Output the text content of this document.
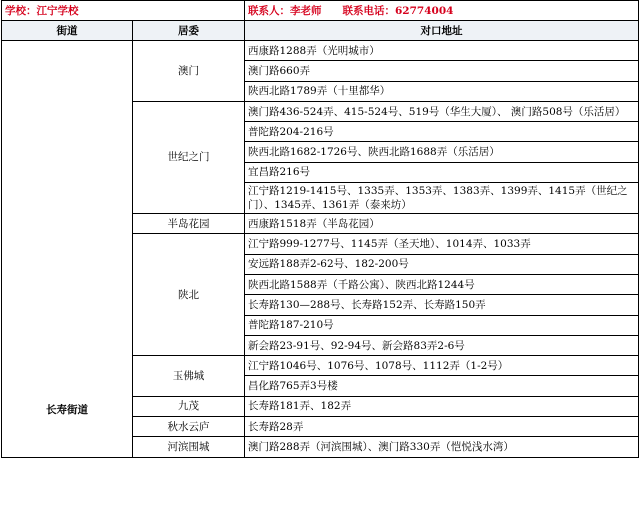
学校：江宁学校		联系人：李老师　　联系电话：62774004
街道	居委	对口地址
长寿街道	澳门	西康路1288弄（光明城市）
		澳门路660弄
		陕西北路1789弄（十里都华）
	世纪之门	澳门路436-524弄、415-524号、519号（华生大厦）、 澳门路508号（乐活居）
		普陀路204-216号
		陕西北路1682-1726号、陕西北路1688弄（乐活居）
		宜昌路216号
		江宁路1219-1415号、1335弄、1353弄、1383弄、1399弄、1415弄（世纪之门）、1345弄、1361弄（泰来坊）
	半岛花园	西康路1518弄（半岛花园）
	陕北	江宁路999-1277号、1145弄（圣天地）、1014弄、1033弄
		安远路188弄2-62号、182-200号
		陕西北路1588弄（千路公寓）、陕西北路1244号
		长寿路130—288号、长寿路152弄、长寿路150弄
		普陀路187-210号
		新会路23-91号、92-94号、新会路83弄2-6号
	玉佛城	江宁路1046号、1076号、1078号、1112弄（1-2号）
		昌化路765弄3号楼
	九茂	长寿路181弄、182弄
	秋水云庐	长寿路28弄
	河滨围城	澳门路288弄（河滨围城）、澳门路330弄（恺悦浅水湾）
